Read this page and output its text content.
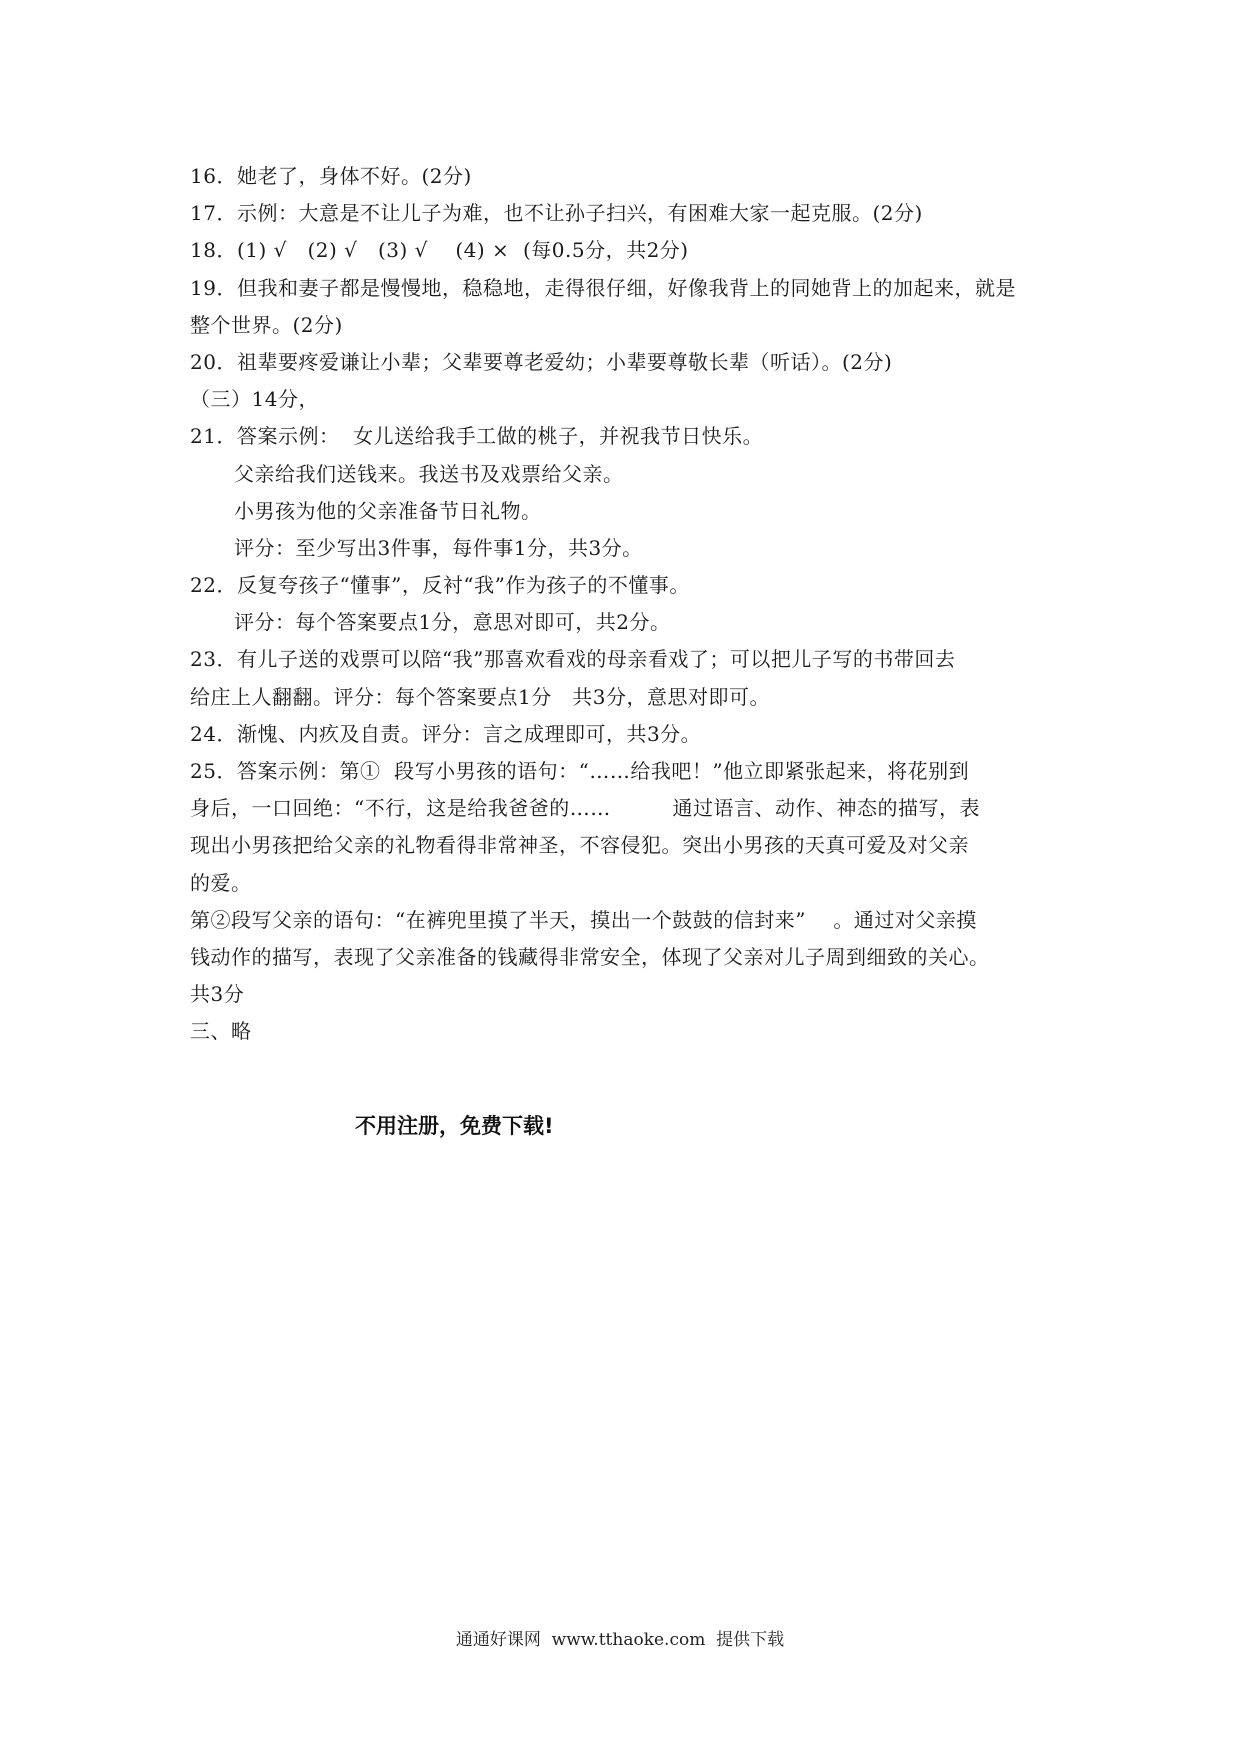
16．她老了，身体不好。(2分)
17．示例：大意是不让儿子为难，也不让孙子扫兴，有困难大家一起克服。(2分)
18．(1) √   (2) √   (3) √    (4) ×  (每0.5分，共2分)
19．但我和妻子都是慢慢地，稳稳地，走得很仔细，好像我背上的同她背上的加起来，就是
整个世界。(2分)
20．祖辈要疼爱谦让小辈；父辈要尊老爱幼；小辈要尊敬长辈（听话）。(2分)
（三）14分，
21．答案示例：  女儿送给我手工做的桃子，并祝我节日快乐。
父亲给我们送钱来。我送书及戏票给父亲。
小男孩为他的父亲准备节日礼物。
评分：至少写出3件事，每件事1分，共3分。
22．反复夸孩子“懂事”，反衬“我”作为孩子的不懂事。
评分：每个答案要点1分，意思对即可，共2分。
23．有儿子送的戏票可以陪“我”那喜欢看戏的母亲看戏了；可以把儿子写的书带回去
给庄上人翻翻。评分：每个答案要点1分   共3分，意思对即可。
24．渐愧、内疚及自责。评分：言之成理即可，共3分。
25．答案示例：第①  段写小男孩的语句：“……给我吧！”他立即紧张起来，将花别到
身后，一口回绝：“不行，这是给我爸爸的……         通过语言、动作、神态的描写，表
现出小男孩把给父亲的礼物看得非常神圣，不容侵犯。突出小男孩的天真可爱及对父亲
的爱。
第②段写父亲的语句：“在裤兜里摸了半天，摸出一个鼓鼓的信封来”    。通过对父亲摸
钱动作的描写，表现了父亲准备的钱藏得非常安全，体现了父亲对儿子周到细致的关心。
共3分
三、略
不用注册，免费下载!
通通好课网  www.tthaoke.com  提供下载
